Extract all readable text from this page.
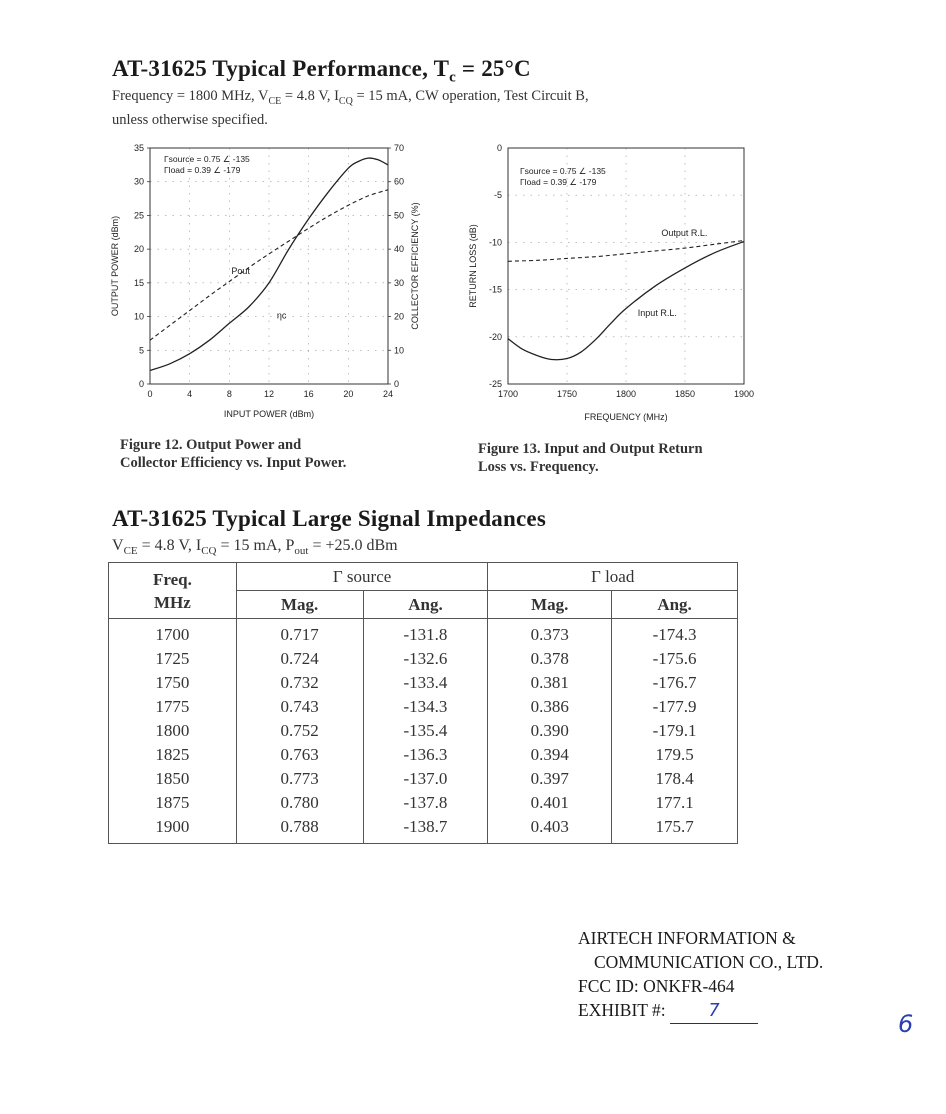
AT-31625 Typical Performance, $T_c = 25^\circ C$
Frequency = 1800 MHz, $V_{CE} = 4.8$ V, $I_{CQ} = 15$ mA, CW operation, Test Circuit B,
unless otherwise specified.
0
5
10
15
20
25
30
35
0
10
20
30
40
50
60
70
0	4	8	12	16	20	24
INPUT POWER (dBm)
OUTPUT POWER (dBm)	COLLECTOR EFFICIENCY (%)
Γsource = 0.75 ∠ -135
Γload = 0.39 ∠ -179
Pout
ηc
Figure 12. Output Power and
Collector Efficiency vs. Input Power.
0
-5
-10
-15
-20
-25
1700	1750	1800	1850	1900
FREQUENCY (MHz)
RETURN LOSS (dB)
Γsource = 0.75 ∠ -135
Γload = 0.39 ∠ -179
Output R.L.
Input R.L.
Figure 13. Input and Output Return
Loss vs. Frequency.
AT-31625 Typical Large Signal Impedances
$V_{CE} = 4.8$ V, $I_{CQ} = 15$ mA, $P_{out} = +25.0$ dBm
Freq.
MHz	Γ source		Γ load	
	Mag.	Ang.	Mag.	Ang.
1700	0.717	-131.8	0.373	-174.3
1725	0.724	-132.6	0.378	-175.6
1750	0.732	-133.4	0.381	-176.7
1775	0.743	-134.3	0.386	-177.9
1800	0.752	-135.4	0.390	-179.1
1825	0.763	-136.3	0.394	179.5
1850	0.773	-137.0	0.397	178.4
1875	0.780	-137.8	0.401	177.1
1900	0.788	-138.7	0.403	175.7
AIRTECH INFORMATION &
COMMUNICATION CO., LTD.
FCC ID: ONKFR-464
EXHIBIT #: 7	6
